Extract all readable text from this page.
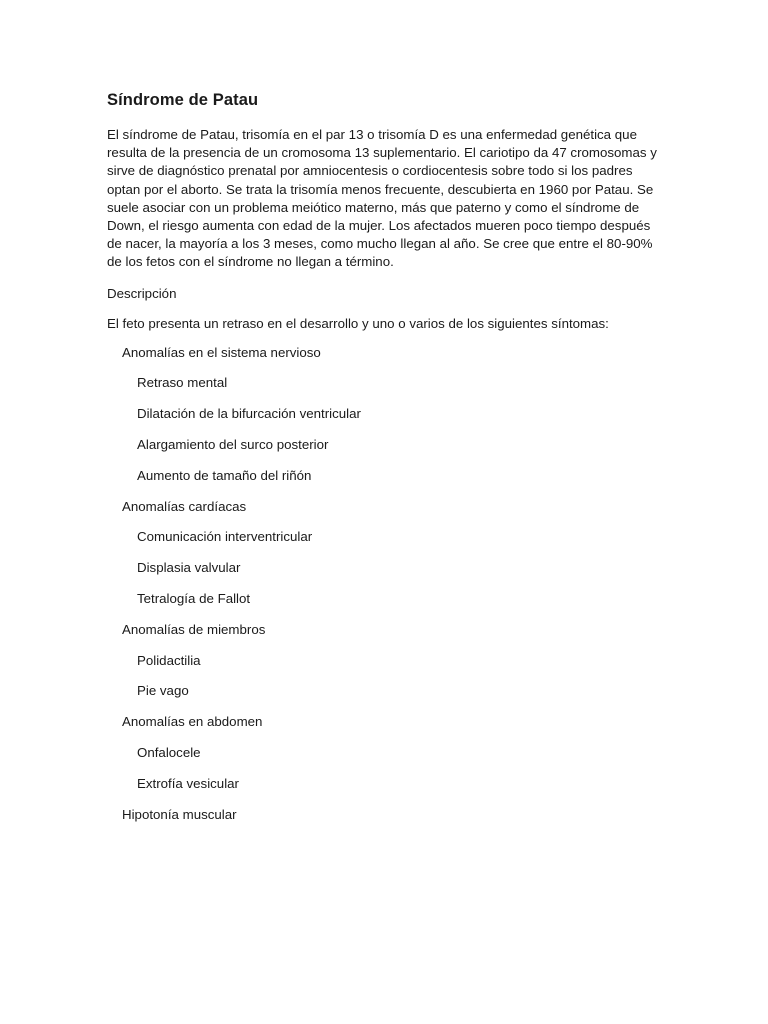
Síndrome de Patau

El síndrome de Patau, trisomía en el par 13 o trisomía D es una enfermedad genética que resulta de la presencia de un cromosoma 13 suplementario. El cariotipo da 47 cromosomas y sirve de diagnóstico prenatal por amniocentesis o cordiocentesis sobre todo si los padres optan por el aborto. Se trata la trisomía menos frecuente, descubierta en 1960 por Patau. Se suele asociar con un problema meiótico materno, más que paterno y como el síndrome de Down, el riesgo aumenta con edad de la mujer. Los afectados mueren poco tiempo después de nacer, la mayoría a los 3 meses, como mucho llegan al año. Se cree que entre el 80-90% de los fetos con el síndrome no llegan a término.

Descripción

El feto presenta un retraso en el desarrollo y uno o varios de los siguientes síntomas:

Anomalías en el sistema nervioso
Retraso mental
Dilatación de la bifurcación ventricular
Alargamiento del surco posterior
Aumento de tamaño del riñón
Anomalías cardíacas
Comunicación interventricular
Displasia valvular
Tetralogía de Fallot
Anomalías de miembros
Polidactilia
Pie vago
Anomalías en abdomen
Onfalocele
Extrofía vesicular
Hipotonía muscular
